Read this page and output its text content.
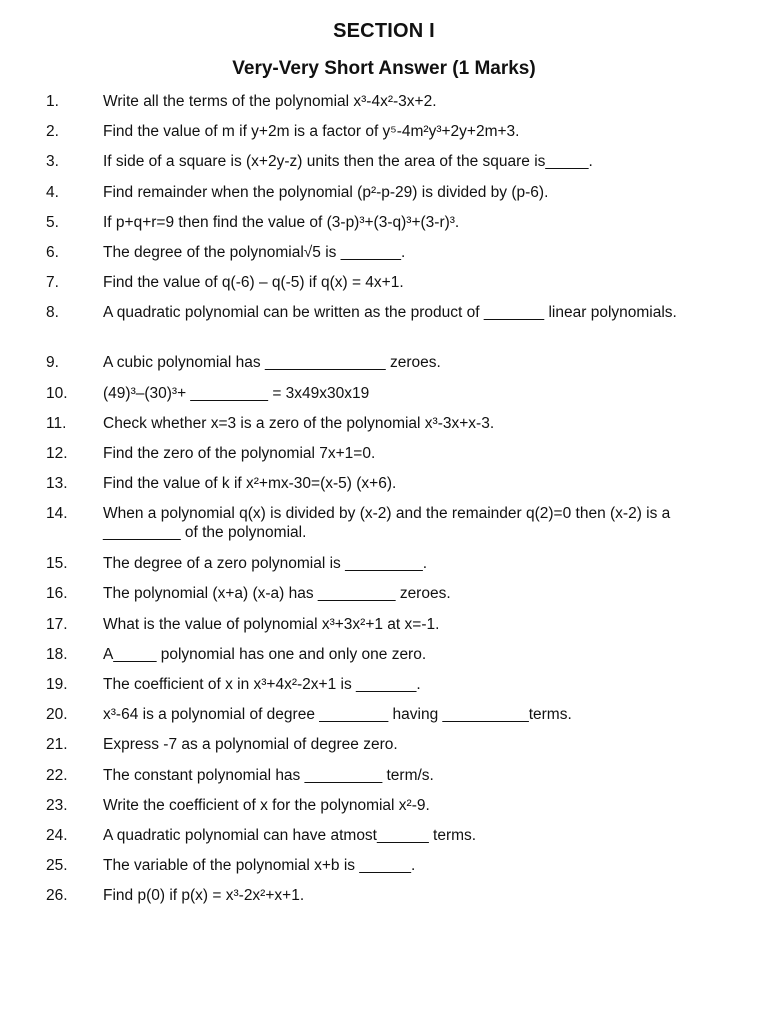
SECTION I
Very-Very Short Answer (1 Marks)
1.	Write all the terms of the polynomial x³-4x²-3x+2.
2.	Find the value of m if y+2m is a factor of y⁵-4m²y³+2y+2m+3.
3.	If side of a square is (x+2y-z) units then the area of the square is_____.
4.	Find remainder when the polynomial (p²-p-29) is divided by (p-6).
5.	If p+q+r=9 then find the value of (3-p)³+(3-q)³+(3-r)³.
6.	The degree of the polynomial√5 is _______.
7.	Find the value of q(-6) – q(-5) if q(x) = 4x+1.
8.	A quadratic polynomial can be written as the product of _______ linear polynomials.
9.	A cubic polynomial has ______________ zeroes.
10.	(49)³–(30)³+ _________ = 3x49x30x19
11.	Check whether x=3 is a zero of the polynomial x³-3x+x-3.
12.	Find the zero of the polynomial 7x+1=0.
13.	Find the value of k if x²+mx-30=(x-5) (x+6).
14.	When a polynomial q(x) is divided by (x-2) and the remainder q(2)=0 then (x-2) is a _________ of the polynomial.
15.	The degree of a zero polynomial is _________.
16.	The polynomial (x+a) (x-a) has _________ zeroes.
17.	What is the value of polynomial x³+3x²+1 at x=-1.
18.	A_____ polynomial has one and only one zero.
19.	The coefficient of x in x³+4x²-2x+1 is _______.
20.	x³-64 is a polynomial of degree ________ having __________terms.
21.	Express -7 as a polynomial of degree zero.
22.	The constant polynomial has _________ term/s.
23.	Write the coefficient of x for the polynomial x²-9.
24.	A quadratic polynomial can have atmost______ terms.
25.	The variable of the polynomial x+b is ______.
26.	Find p(0) if p(x) = x³-2x²+x+1.
